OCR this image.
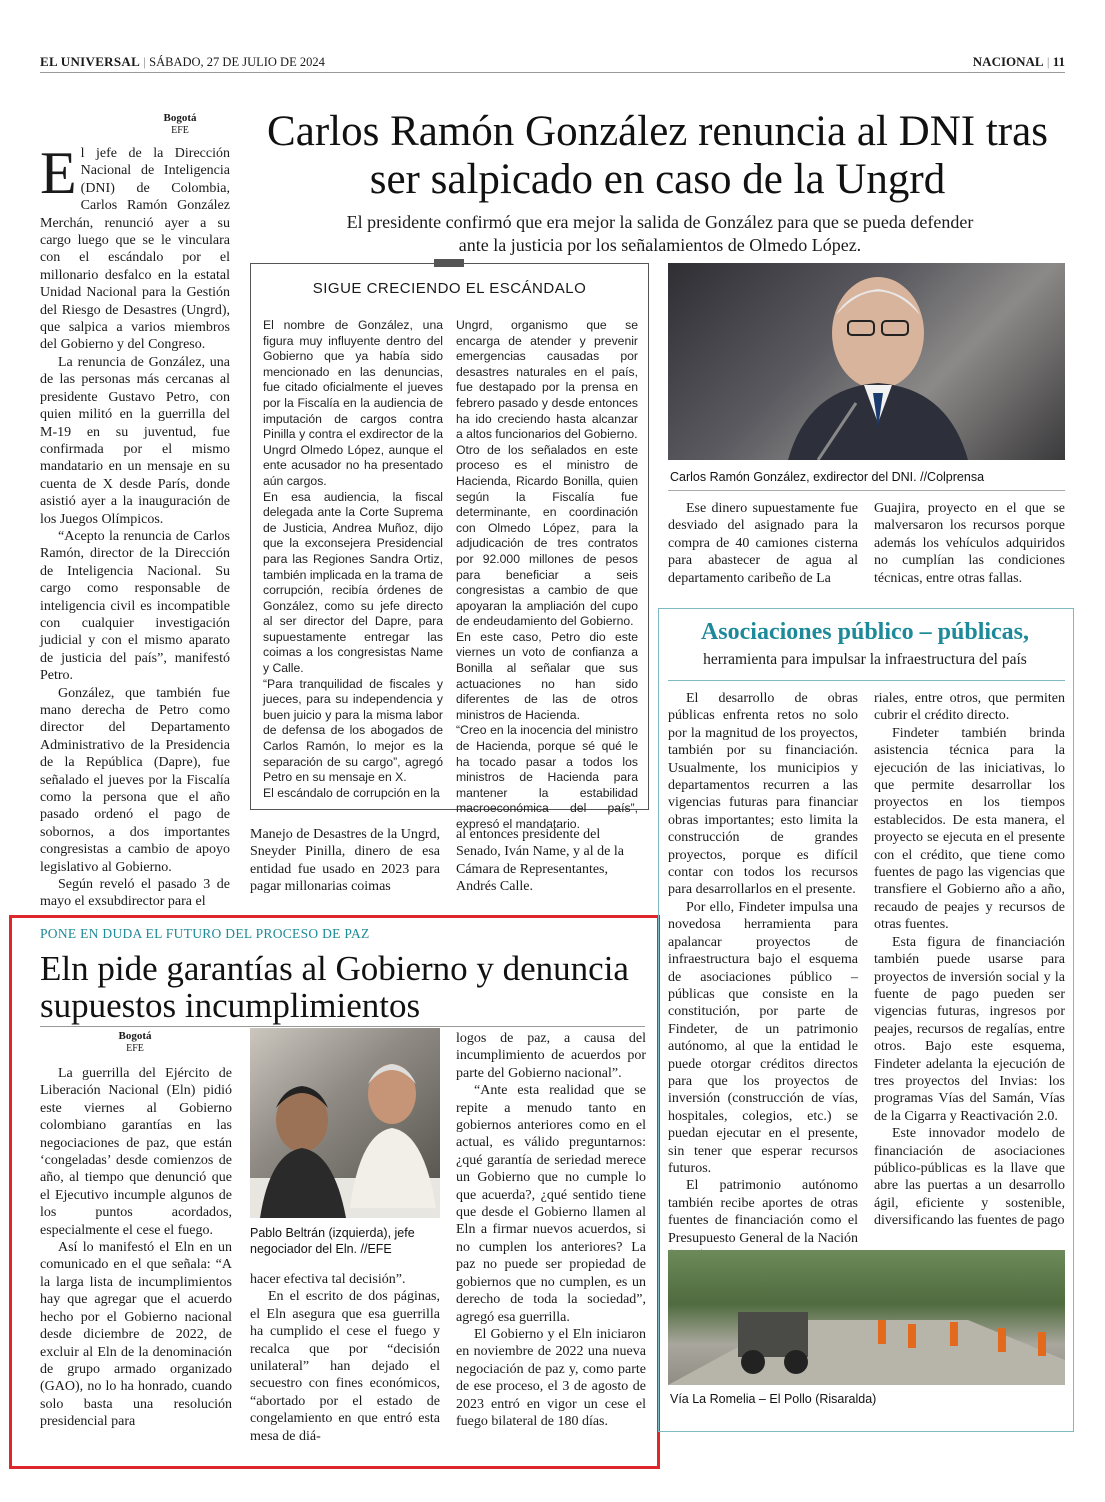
EL UNIVERSAL | SÁBADO, 27 DE JULIO DE 2024	NACIONAL | 11
Bogotá
EFE
El jefe de la Dirección Nacional de Inteligencia (DNI) de Colombia, Carlos Ramón González Merchán, renunció ayer a su cargo luego que se le vinculara con el escándalo por el millonario desfalco en la estatal Unidad Nacional para la Gestión del Riesgo de Desastres (Ungrd), que salpica a varios miembros del Gobierno y del Congreso.

La renuncia de González, una de las personas más cercanas al presidente Gustavo Petro, con quien militó en la guerrilla del M-19 en su juventud, fue confirmada por el mismo mandatario en un mensaje en su cuenta de X desde París, donde asistió ayer a la inauguración de los Juegos Olímpicos.

“Acepto la renuncia de Carlos Ramón, director de la Dirección de Inteligencia Nacional. Su cargo como responsable de inteligencia civil es incompatible con cualquier investigación judicial y con el mismo aparato de justicia del país”, manifestó Petro.

González, que también fue mano derecha de Petro como director del Departamento Administrativo de la Presidencia de la República (Dapre), fue señalado el jueves por la Fiscalía como la persona que el año pasado ordenó el pago de sobornos, a dos importantes congresistas a cambio de apoyo legislativo al Gobierno.

Según reveló el pasado 3 de mayo el exsubdirector para el

Carlos Ramón González renuncia al DNI tras ser salpicado en caso de la Ungrd
El presidente confirmó que era mejor la salida de González para que se pueda defender ante la justicia por los señalamientos de Olmedo López.
SIGUE CRECIENDO EL ESCÁNDALO

El nombre de González, una figura muy influyente dentro del Gobierno que ya había sido mencionado en las denuncias, fue citado oficialmente el jueves por la Fiscalía en la audiencia de imputación de cargos contra Pinilla y contra el exdirector de la Ungrd Olmedo López, aunque el ente acusador no ha presentado aún cargos.

En esa audiencia, la fiscal delegada ante la Corte Suprema de Justicia, Andrea Muñoz, dijo que la exconsejera Presidencial para las Regiones Sandra Ortiz, también implicada en la trama de corrupción, recibía órdenes de González, como su jefe directo al ser director del Dapre, para supuestamente entregar las coimas a los congresistas Name y Calle.

“Para tranquilidad de fiscales y jueces, para su independencia y buen juicio y para la misma labor de defensa de los abogados de Carlos Ramón, lo mejor es la separación de su cargo”, agregó Petro en su mensaje en X.

El escándalo de corrupción en la

Ungrd, organismo que se encarga de atender y prevenir emergencias causadas por desastres naturales en el país, fue destapado por la prensa en febrero pasado y desde entonces ha ido creciendo hasta alcanzar a altos funcionarios del Gobierno.

Otro de los señalados en este proceso es el ministro de Hacienda, Ricardo Bonilla, quien según la Fiscalía fue determinante, en coordinación con Olmedo López, para la adjudicación de tres contratos por 92.000 millones de pesos para beneficiar a seis congresistas a cambio de que apoyaran la ampliación del cupo de endeudamiento del Gobierno.

En este caso, Petro dio este viernes un voto de confianza a Bonilla al señalar que sus actuaciones no han sido diferentes de las de otros ministros de Hacienda.

“Creo en la inocencia del ministro de Hacienda, porque sé qué le ha tocado pasar a todos los ministros de Hacienda para mantener la estabilidad macroeconómica del país”, expresó el mandatario.

Manejo de Desastres de la Ungrd, Sneyder Pinilla, dinero de esa entidad fue usado en 2023 para pagar millonarias coimas
al entonces presidente del Senado, Iván Name, y al de la Cámara de Representantes, Andrés Calle.
Carlos Ramón González, exdirector del DNI. //Colprensa

Ese dinero supuestamente fue desviado del asignado para la compra de 40 camiones cisterna para abastecer de agua al departamento caribeño de La

Guajira, proyecto en el que se malversaron los recursos porque además los vehículos adquiridos no cumplían las condiciones técnicas, entre otras fallas.
PONE EN DUDA EL FUTURO DEL PROCESO DE PAZ
Eln pide garantías al Gobierno y denuncia supuestos incumplimientos
Bogotá
EFE

La guerrilla del Ejército de Liberación Nacional (Eln) pidió este viernes al Gobierno colombiano garantías en las negociaciones de paz, que están ‘congeladas’ desde comienzos de año, al tiempo que denunció que el Ejecutivo incumple algunos de los puntos acordados, especialmente el cese el fuego.

Así lo manifestó el Eln en un comunicado en el que señala: “A la larga lista de incumplimientos hay que agregar que el acuerdo hecho por el Gobierno nacional desde diciembre de 2022, de excluir al Eln de la denominación de grupo armado organizado (GAO), no lo ha honrado, cuando solo basta una resolución presidencial para

Pablo Beltrán (izquierda), jefe negociador del Eln. //EFE

hacer efectiva tal decisión”.

En el escrito de dos páginas, el Eln asegura que esa guerrilla ha cumplido el cese el fuego y recalca que por “decisión unilateral” han dejado el secuestro con fines económicos, “abortado por el estado de congelamiento en que entró esta mesa de diá-

logos de paz, a causa del incumplimiento de acuerdos por parte del Gobierno nacional”.

“Ante esta realidad que se repite a menudo tanto en gobiernos anteriores como en el actual, es válido preguntarnos: ¿qué garantía de seriedad merece un Gobierno que no cumple lo que acuerda?, ¿qué sentido tiene que desde el Gobierno llamen al Eln a firmar nuevos acuerdos, si no cumplen los anteriores? La paz no puede ser propiedad de gobiernos que no cumplen, es un derecho de toda la sociedad”, agregó esa guerrilla.

El Gobierno y el Eln iniciaron en noviembre de 2022 una nueva negociación de paz y, como parte de ese proceso, el 3 de agosto de 2023 entró en vigor un cese el fuego bilateral de 180 días.

Asociaciones público – públicas,
herramienta para impulsar la infraestructura del país

El desarrollo de obras públicas enfrenta retos no solo por la magnitud de los proyectos, también por su financiación. Usualmente, los municipios y departamentos recurren a las vigencias futuras para financiar obras importantes; esto limita la construcción de grandes proyectos, porque es difícil contar con todos los recursos para desarrollarlos en el presente.

Por ello, Findeter impulsa una novedosa herramienta para apalancar proyectos de infraestructura bajo el esquema de asociaciones público – públicas que consiste en la constitución, por parte de Findeter, de un patrimonio autónomo, al que la entidad le puede otorgar créditos directos para que los proyectos de inversión (construcción de vías, hospitales, colegios, etc.) se puedan ejecutar en el presente, sin tener que esperar recursos futuros.

El patrimonio autónomo también recibe aportes de otras fuentes de financiación como el Presupuesto General de la Nación

riales, entre otros, que permiten cubrir el crédito directo.

Findeter también brinda asistencia técnica para la ejecución de las iniciativas, lo que permite desarrollar los proyectos en los tiempos establecidos. De esta manera, el proyecto se ejecuta en el presente con el crédito, que tiene como fuentes de pago las vigencias que transfiere el Gobierno año a año, recaudo de peajes y recursos de otras fuentes.

Esta figura de financiación también puede usarse para proyectos de inversión social y la fuente de pago pueden ser vigencias futuras, ingresos por peajes, recursos de regalías, entre otros. Bajo este esquema, Findeter adelanta la ejecución de tres proyectos del Invias: los programas Vías del Samán, Vías de la Cigarra y Reactivación 2.0.

Este innovador modelo de financiación de asociaciones público-públicas es la llave que abre las puertas a un desarrollo ágil, eficiente y sostenible, diversificando las fuentes de pago

Vía La Romelia – El Pollo (Risaralda)
